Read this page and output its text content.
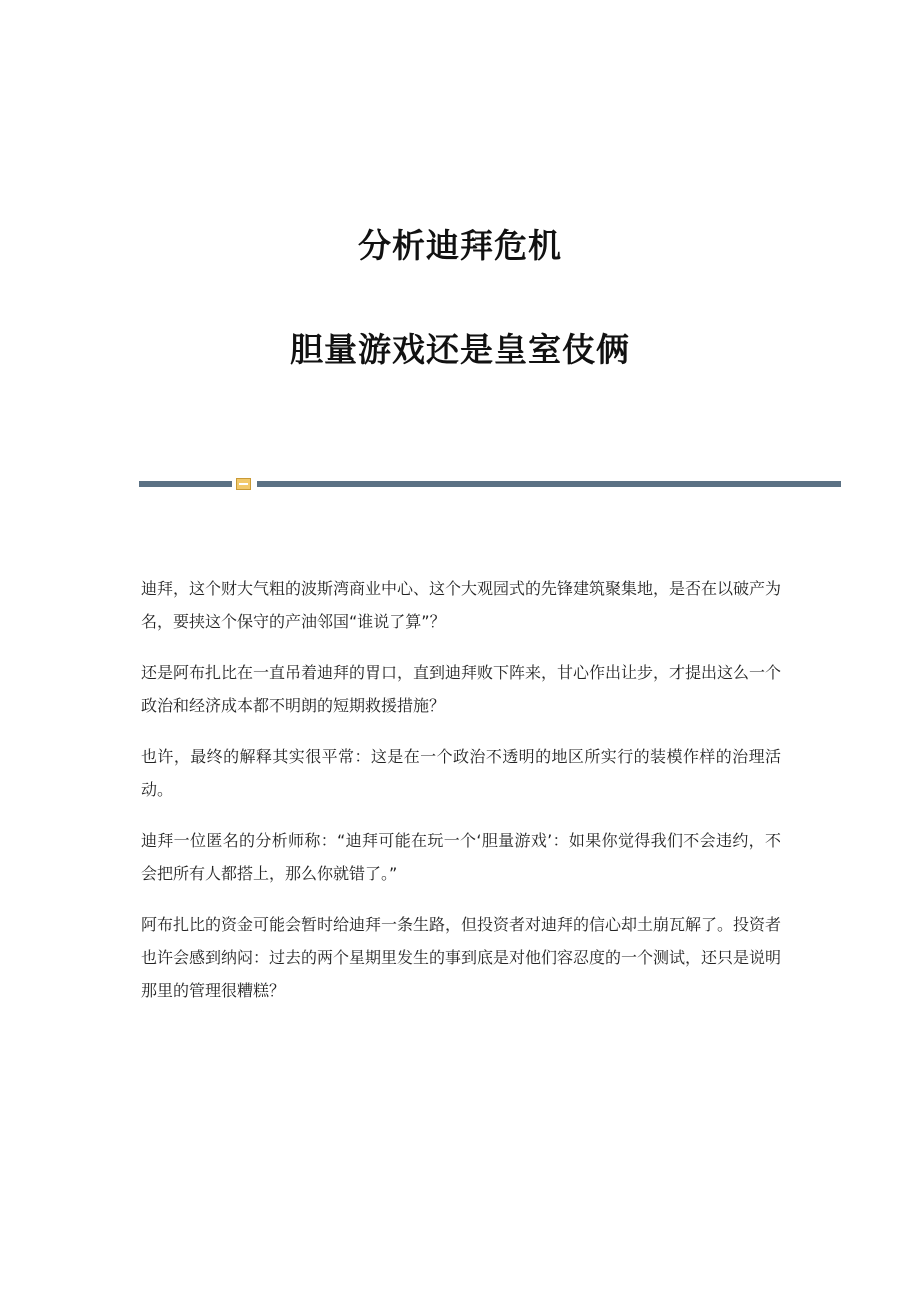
分析迪拜危机
胆量游戏还是皇室伎俩

迪拜，这个财大气粗的波斯湾商业中心、这个大观园式的先锋建筑聚集地，是否在以破产为名，要挟这个保守的产油邻国“谁说了算”？

还是阿布扎比在一直吊着迪拜的胃口，直到迪拜败下阵来，甘心作出让步，才提出这么一个政治和经济成本都不明朗的短期救援措施？

也许，最终的解释其实很平常：这是在一个政治不透明的地区所实行的装模作样的治理活动。

迪拜一位匿名的分析师称：“迪拜可能在玩一个‘胆量游戏’：如果你觉得我们不会违约，不会把所有人都搭上，那么你就错了。”

阿布扎比的资金可能会暂时给迪拜一条生路，但投资者对迪拜的信心却土崩瓦解了。投资者也许会感到纳闷：过去的两个星期里发生的事到底是对他们容忍度的一个测试，还只是说明那里的管理很糟糕？
